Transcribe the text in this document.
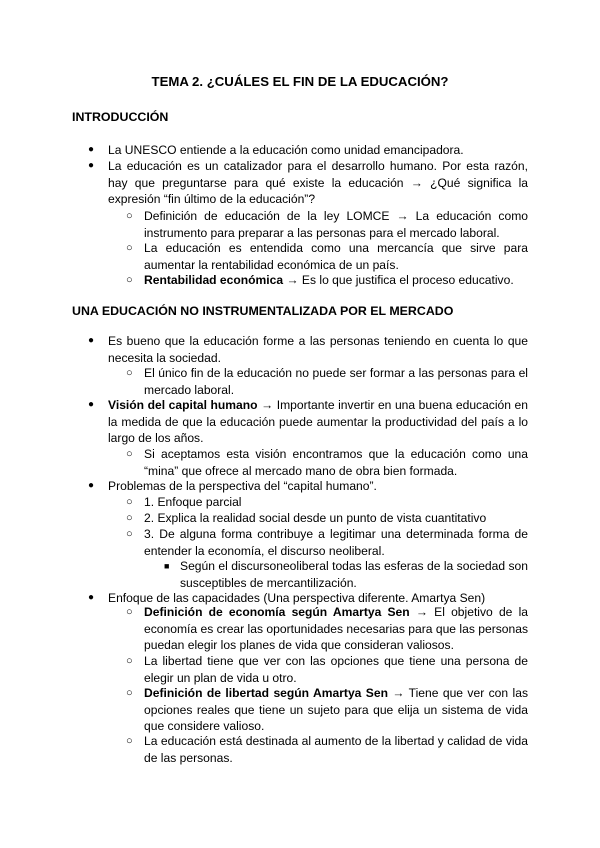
TEMA 2. ¿CUÁLES EL FIN DE LA EDUCACIÓN?
INTRODUCCIÓN
● La UNESCO entiende a la educación como unidad emancipadora.
● La educación es un catalizador para el desarrollo humano. Por esta razón, hay que preguntarse para qué existe la educación → ¿Qué significa la expresión “fin último de la educación”?
○ Definición de educación de la ley LOMCE → La educación como instrumento para preparar a las personas para el mercado laboral.
○ La educación es entendida como una mercancía que sirve para aumentar la rentabilidad económica de un país.
○ Rentabilidad económica → Es lo que justifica el proceso educativo.
UNA EDUCACIÓN NO INSTRUMENTALIZADA POR EL MERCADO
● Es bueno que la educación forme a las personas teniendo en cuenta lo que necesita la sociedad.
○ El único fin de la educación no puede ser formar a las personas para el mercado laboral.
● Visión del capital humano → Importante invertir en una buena educación en la medida de que la educación puede aumentar la productividad del país a lo largo de los años.
○ Si aceptamos esta visión encontramos que la educación como una “mina” que ofrece al mercado mano de obra bien formada.
● Problemas de la perspectiva del “capital humano”.
○ 1. Enfoque parcial
○ 2. Explica la realidad social desde un punto de vista cuantitativo
○ 3. De alguna forma contribuye a legitimar una determinada forma de entender la economía, el discurso neoliberal.
■ Según el discursoneoliberal todas las esferas de la sociedad son susceptibles de mercantilización.
● Enfoque de las capacidades (Una perspectiva diferente. Amartya Sen)
○ Definición de economía según Amartya Sen → El objetivo de la economía es crear las oportunidades necesarias para que las personas puedan elegir los planes de vida que consideran valiosos.
○ La libertad tiene que ver con las opciones que tiene una persona de elegir un plan de vida u otro.
○ Definición de libertad según Amartya Sen → Tiene que ver con las opciones reales que tiene un sujeto para que elija un sistema de vida que considere valioso.
○ La educación está destinada al aumento de la libertad y calidad de vida de las personas.
